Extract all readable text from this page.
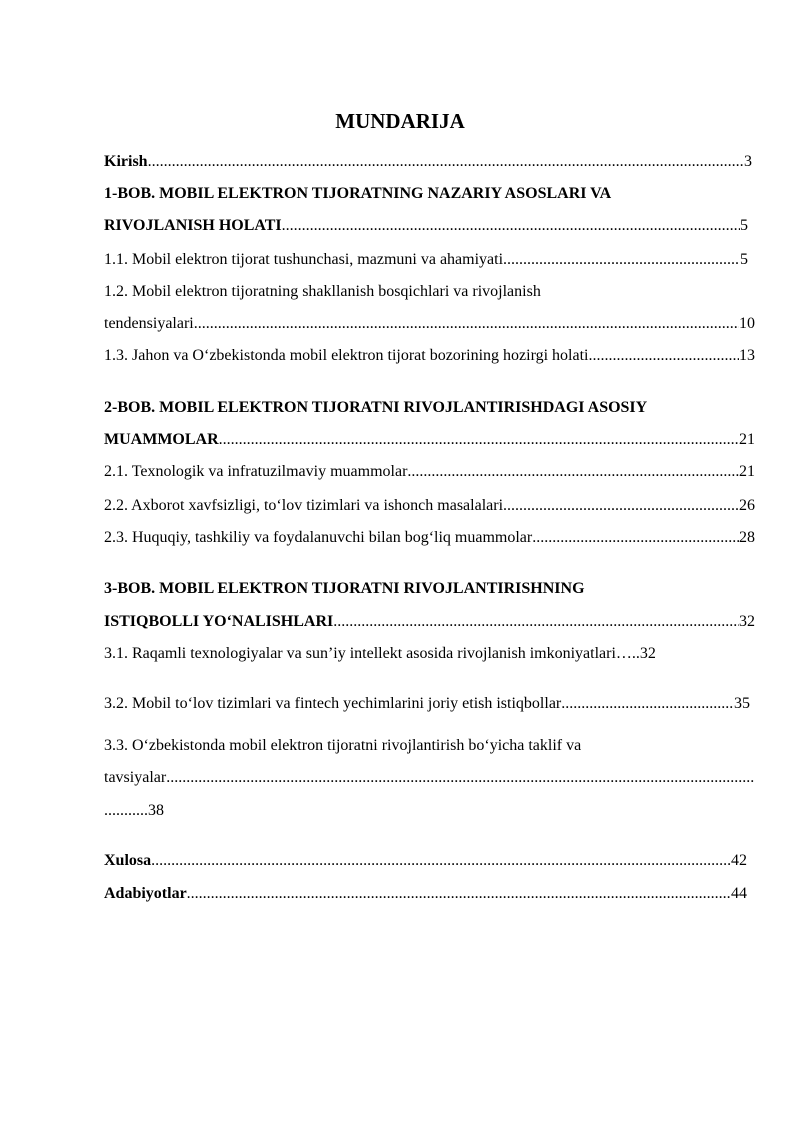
MUNDARIJA
Kirish .....	3
1-BOB. MOBIL ELEKTRON TIJORATNING NAZARIY ASOSLARI VA
RIVOJLANISH HOLATI .....	5
1.1. Mobil elektron tijorat tushunchasi, mazmuni va ahamiyati .....	5
1.2. Mobil elektron tijoratning shakllanish bosqichlari va rivojlanish
tendensiyalari .....	10
1.3. Jahon va O‘zbekistonda mobil elektron tijorat bozorining hozirgi holati .....	13
2-BOB. MOBIL ELEKTRON TIJORATNI RIVOJLANTIRISHDAGI ASOSIY
MUAMMOLAR .....	21
2.1. Texnologik va infratuzilmaviy muammolar .....	21
2.2. Axborot xavfsizligi, to‘lov tizimlari va ishonch masalalari .....	26
2.3. Huquqiy, tashkiliy va foydalanuvchi bilan bog‘liq muammolar .....	28
3-BOB. MOBIL ELEKTRON TIJORATNI RIVOJLANTIRISHNING
ISTIQBOLLI YO‘NALISHLARI .....	32
3.1. Raqamli texnologiyalar va sun’iy intellekt asosida rivojlanish imkoniyatlari…..32
3.2. Mobil to‘lov tizimlari va fintech yechimlarini joriy etish istiqbollar .....	35
3.3. O‘zbekistonda mobil elektron tijoratni rivojlantirish bo‘yicha taklif va
tavsiyalar
.....
...........38
Xulosa .....	42
Adabiyotlar .....	44
